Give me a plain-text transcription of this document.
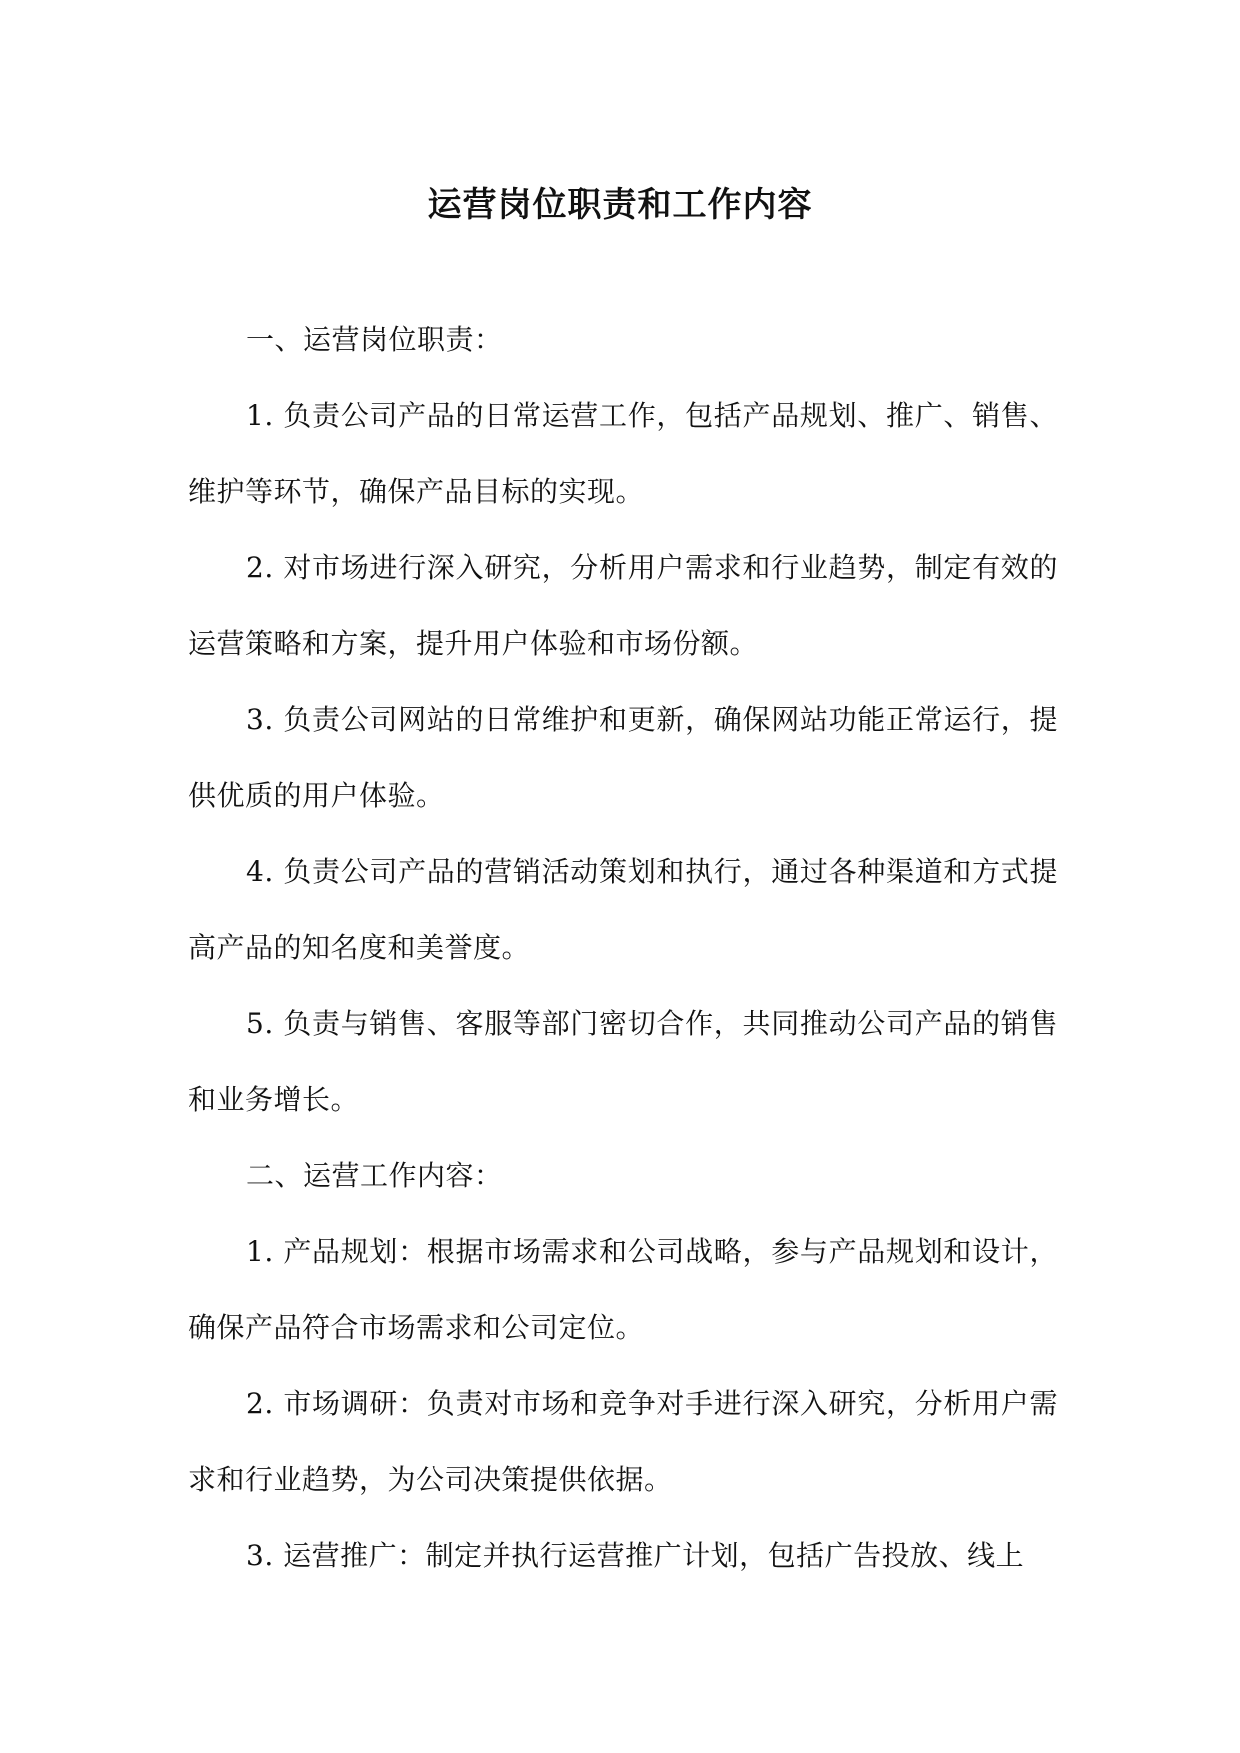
运营岗位职责和工作内容

一、运营岗位职责：

1. 负责公司产品的日常运营工作，包括产品规划、推广、销售、维护等环节，确保产品目标的实现。

2. 对市场进行深入研究，分析用户需求和行业趋势，制定有效的运营策略和方案，提升用户体验和市场份额。

3. 负责公司网站的日常维护和更新，确保网站功能正常运行，提供优质的用户体验。

4. 负责公司产品的营销活动策划和执行，通过各种渠道和方式提高产品的知名度和美誉度。

5. 负责与销售、客服等部门密切合作，共同推动公司产品的销售和业务增长。

二、运营工作内容：

1. 产品规划：根据市场需求和公司战略，参与产品规划和设计，确保产品符合市场需求和公司定位。

2. 市场调研：负责对市场和竞争对手进行深入研究，分析用户需求和行业趋势，为公司决策提供依据。

3. 运营推广：制定并执行运营推广计划，包括广告投放、线上
